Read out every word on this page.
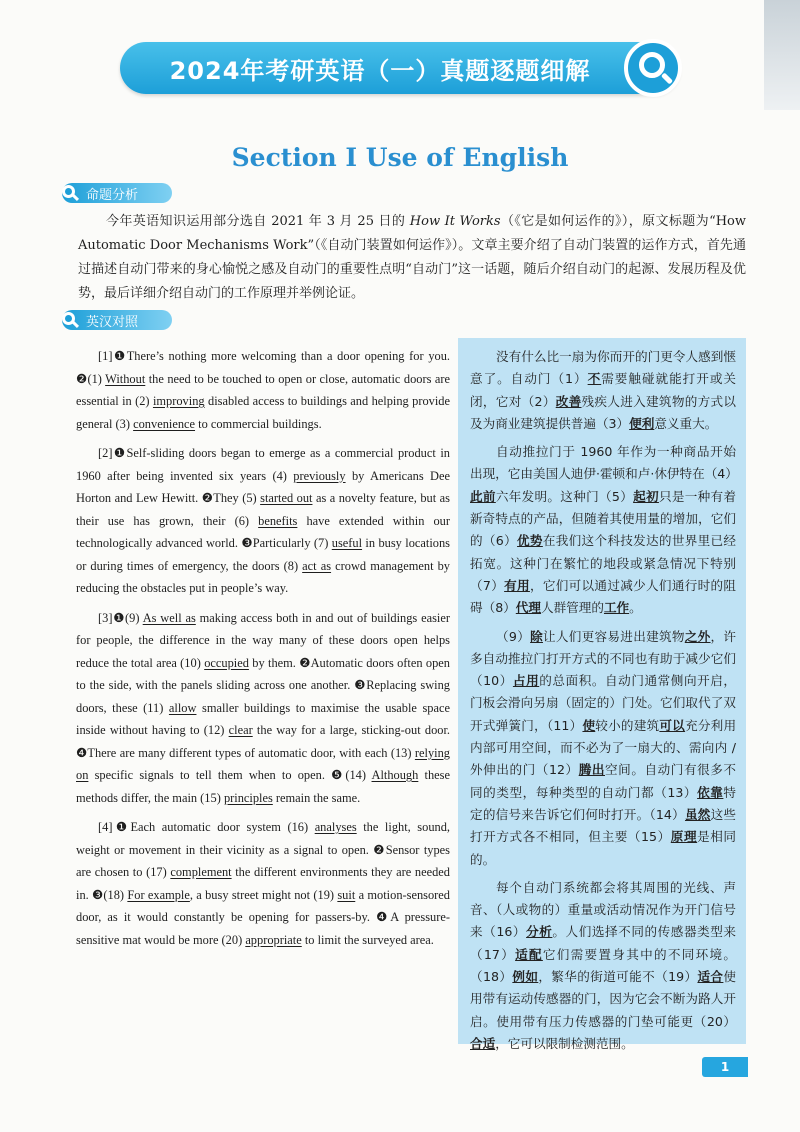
2024年考研英语（一）真题逐题细解
Section Ⅰ Use of English
命题分析
今年英语知识运用部分选自 2021 年 3 月 25 日的 How It Works（《它是如何运作的》），原文标题为“How Automatic Door Mechanisms Work”（《自动门装置如何运作》）。文章主要介绍了自动门装置的运作方式，首先通过描述自动门带来的身心愉悦之感及自动门的重要性点明“自动门”这一话题，随后介绍自动门的起源、发展历程及优势，最后详细介绍自动门的工作原理并举例论证。
英汉对照

[1]❶There’s nothing more welcoming than a door opening for you. ❷(1) Without the need to be touched to open or close, automatic doors are essential in (2) improving disabled access to buildings and helping provide general (3) convenience to commercial buildings.

[2]❶Self-sliding doors began to emerge as a commercial product in 1960 after being invented six years (4) previously by Americans Dee Horton and Lew Hewitt. ❷They (5) started out as a novelty feature, but as their use has grown, their (6) benefits have extended within our technologically advanced world. ❸Particularly (7) useful in busy locations or during times of emergency, the doors (8) act as crowd management by reducing the obstacles put in people’s way.

[3]❶(9) As well as making access both in and out of buildings easier for people, the difference in the way many of these doors open helps reduce the total area (10) occupied by them. ❷Automatic doors often open to the side, with the panels sliding across one another. ❸Replacing swing doors, these (11) allow smaller buildings to maximise the usable space inside without having to (12) clear the way for a large, sticking-out door. ❹There are many different types of automatic door, with each (13) relying on specific signals to tell them when to open. ❺(14) Although these methods differ, the main (15) principles remain the same.

[4]❶Each automatic door system (16) analyses the light, sound, weight or movement in their vicinity as a signal to open. ❷Sensor types are chosen to (17) complement the different environments they are needed in. ❸(18) For example, a busy street might not (19) suit a motion-sensored door, as it would constantly be opening for passers-by. ❹A pressure-sensitive mat would be more (20) appropriate to limit the surveyed area.

没有什么比一扇为你而开的门更令人感到惬意了。自动门（1）不需要触碰就能打开或关闭，它对（2）改善残疾人进入建筑物的方式以及为商业建筑提供普遍（3）便利意义重大。

自动推拉门于 1960 年作为一种商品开始出现，它由美国人迪伊·霍顿和卢·休伊特在（4）此前六年发明。这种门（5）起初只是一种有着新奇特点的产品，但随着其使用量的增加，它们的（6）优势在我们这个科技发达的世界里已经拓宽。这种门在繁忙的地段或紧急情况下特别（7）有用，它们可以通过减少人们通行时的阻碍（8）代理人群管理的工作。

（9）除让人们更容易进出建筑物之外，许多自动推拉门打开方式的不同也有助于减少它们（10）占用的总面积。自动门通常侧向开启，门板会滑向另扇（固定的）门处。它们取代了双开式弹簧门，（11）使较小的建筑可以充分利用内部可用空间，而不必为了一扇大的、需向内 / 外伸出的门（12）腾出空间。自动门有很多不同的类型，每种类型的自动门都（13）依靠特定的信号来告诉它们何时打开。（14）虽然这些打开方式各不相同，但主要（15）原理是相同的。

每个自动门系统都会将其周围的光线、声音、（人或物的）重量或活动情况作为开门信号来（16）分析。人们选择不同的传感器类型来（17）适配它们需要置身其中的不同环境。（18）例如，繁华的街道可能不（19）适合使用带有运动传感器的门，因为它会不断为路人开启。使用带有压力传感器的门垫可能更（20）合适，它可以限制检测范围。

1
